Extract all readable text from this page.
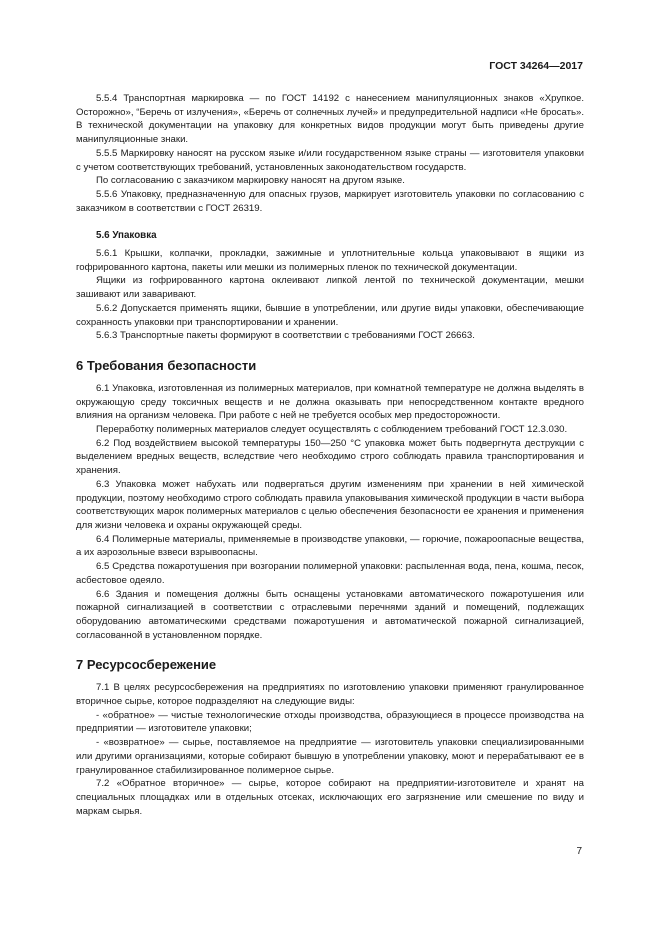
ГОСТ 34264—2017

5.5.4 Транспортная маркировка — по ГОСТ 14192 с нанесением манипуляционных знаков «Хрупкое. Осторожно», “Беречь от излучения», «Беречь от солнечных лучей» и предупредительной надписи «Не бросать». В технической документации на упаковку для конкретных видов продукции могут быть приведены другие манипуляционные знаки.

5.5.5 Маркировку наносят на русском языке и/или государственном языке страны — изготовителя упаковки с учетом соответствующих требований, установленных законодательством государств.

По согласованию с заказчиком маркировку наносят на другом языке.

5.5.6 Упаковку, предназначенную для опасных грузов, маркирует изготовитель упаковки по согласованию с заказчиком в соответствии с ГОСТ 26319.

5.6 Упаковка

5.6.1 Крышки, колпачки, прокладки, зажимные и уплотнительные кольца упаковывают в ящики из гофрированного картона, пакеты или мешки из полимерных пленок по технической документации.

Ящики из гофрированного картона оклеивают липкой лентой по технической документации, мешки зашивают или заваривают.

5.6.2 Допускается применять ящики, бывшие в употреблении, или другие виды упаковки, обеспечивающие сохранность упаковки при транспортировании и хранении.

5.6.3 Транспортные пакеты формируют в соответствии с требованиями ГОСТ 26663.

6 Требования безопасности

6.1 Упаковка, изготовленная из полимерных материалов, при комнатной температуре не должна выделять в окружающую среду токсичных веществ и не должна оказывать при непосредственном контакте вредного влияния на организм человека. При работе с ней не требуется особых мер предосторожности.

Переработку полимерных материалов следует осуществлять с соблюдением требований ГОСТ 12.3.030.

6.2 Под воздействием высокой температуры 150—250 °С упаковка может быть подвергнута деструкции с выделением вредных веществ, вследствие чего необходимо строго соблюдать правила транспортирования и хранения.

6.3 Упаковка может набухать или подвергаться другим изменениям при хранении в ней химической продукции, поэтому необходимо строго соблюдать правила упаковывания химической продукции в части выбора соответствующих марок полимерных материалов с целью обеспечения безопасности ее хранения и применения для жизни человека и охраны окружающей среды.

6.4 Полимерные материалы, применяемые в производстве упаковки, — горючие, пожароопасные вещества, а их аэрозольные взвеси взрывоопасны.

6.5 Средства пожаротушения при возгорании полимерной упаковки: распыленная вода, пена, кошма, песок, асбестовое одеяло.

6.6 Здания и помещения должны быть оснащены установками автоматического пожаротушения или пожарной сигнализацией в соответствии с отраслевыми перечнями зданий и помещений, подлежащих оборудованию автоматическими средствами пожаротушения и автоматической пожарной сигнализацией, согласованной в установленном порядке.

7 Ресурсосбережение

7.1 В целях ресурсосбережения на предприятиях по изготовлению упаковки применяют гранулированное вторичное сырье, которое подразделяют на следующие виды:

- «обратное» — чистые технологические отходы производства, образующиеся в процессе производства на предприятии — изготовителе упаковки;

- «возвратное» — сырье, поставляемое на предприятие — изготовитель упаковки специализированными или другими организациями, которые собирают бывшую в употреблении упаковку, моют и перерабатывают ее в гранулированное стабилизированное полимерное сырье.

7.2 «Обратное вторичное» — сырье, которое собирают на предприятии-изготовителе и хранят на специальных площадках или в отдельных отсеках, исключающих его загрязнение или смешение по виду и маркам сырья.

7
